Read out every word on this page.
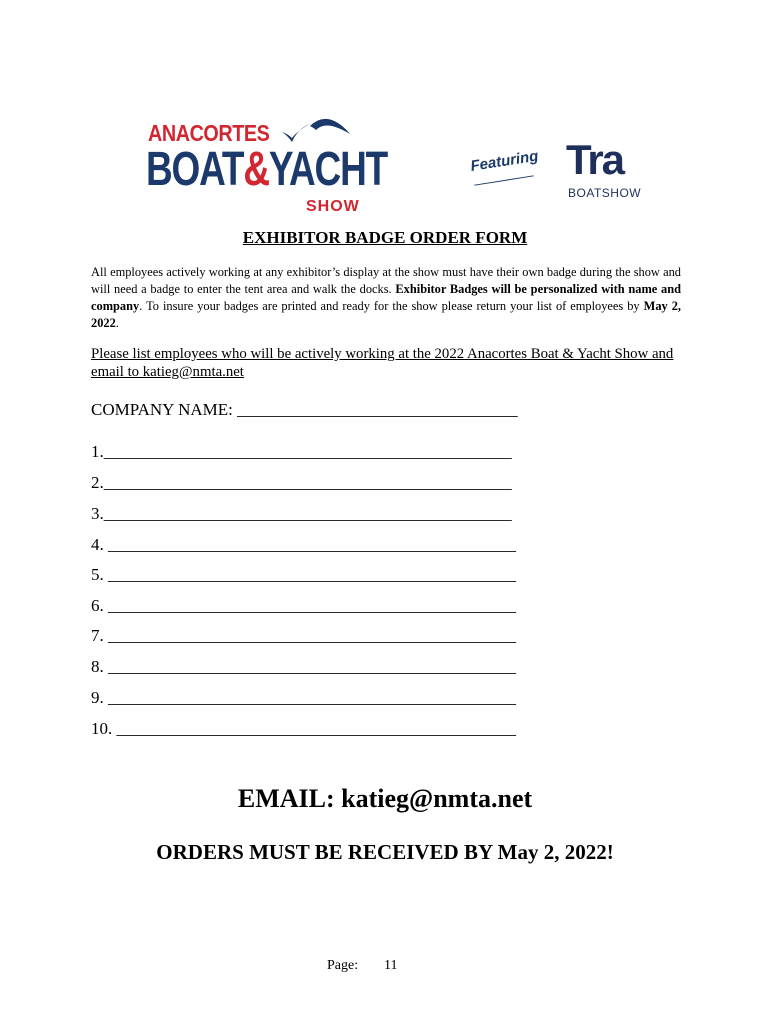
ANACORTES
BOAT&YACHT
SHOW
Featuring Tra
BOATSHOW
EXHIBITOR BADGE ORDER FORM
All employees actively working at any exhibitor’s display at the show must have their own badge during the show and will need a badge to enter the tent area and walk the docks. Exhibitor Badges will be personalized with name and company. To insure your badges are printed and ready for the show please return your list of employees by May 2, 2022.
Please list employees who will be actively working at the 2022 Anacortes Boat & Yacht Show and email to katieg@nmta.net
COMPANY NAME: _________________________________
1.________________________________________________
2.________________________________________________
3.________________________________________________
4. ________________________________________________
5. ________________________________________________
6. ________________________________________________
7. ________________________________________________
8. ________________________________________________
9. ________________________________________________
10. _______________________________________________
EMAIL: katieg@nmta.net
ORDERS MUST BE RECEIVED BY May 2, 2022!
Page: 11
